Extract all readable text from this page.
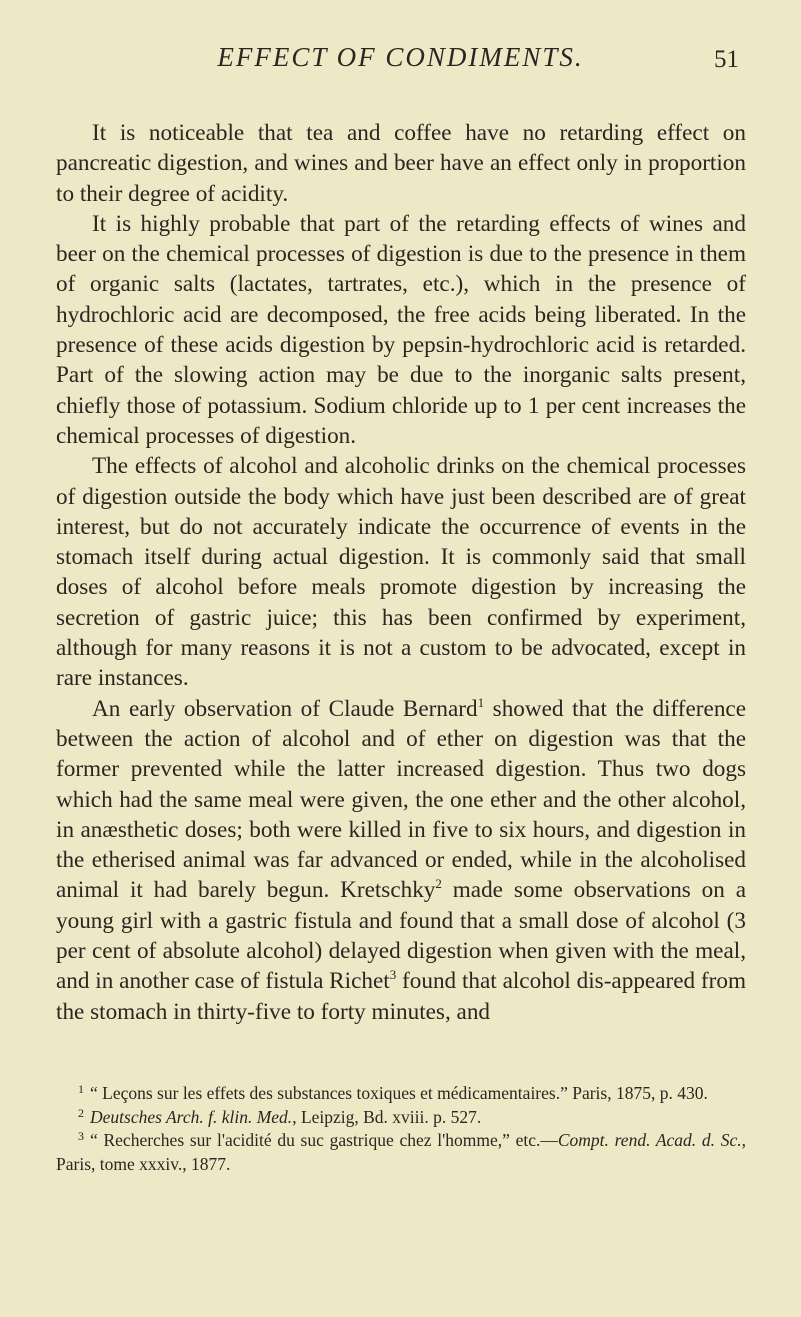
EFFECT OF CONDIMENTS.	51

It is noticeable that tea and coffee have no retarding effect on pancreatic digestion, and wines and beer have an effect only in proportion to their degree of acidity.

It is highly probable that part of the retarding effects of wines and beer on the chemical processes of digestion is due to the presence in them of organic salts (lactates, tartrates, etc.), which in the presence of hydrochloric acid are decomposed, the free acids being liberated. In the presence of these acids digestion by pepsin-hydrochloric acid is retarded. Part of the slowing action may be due to the inorganic salts present, chiefly those of potassium. Sodium chloride up to 1 per cent increases the chemical processes of digestion.

The effects of alcohol and alcoholic drinks on the chemical processes of digestion outside the body which have just been described are of great interest, but do not accurately indicate the occurrence of events in the stomach itself during actual digestion. It is commonly said that small doses of alcohol before meals promote digestion by increasing the secretion of gastric juice; this has been confirmed by experiment, although for many reasons it is not a custom to be advocated, except in rare instances.

An early observation of Claude Bernard$^1$ showed that the difference between the action of alcohol and of ether on digestion was that the former prevented while the latter increased digestion. Thus two dogs which had the same meal were given, the one ether and the other alcohol, in anæsthetic doses; both were killed in five to six hours, and digestion in the etherised animal was far advanced or ended, while in the alcoholised animal it had barely begun. Kretschky$^2$ made some observations on a young girl with a gastric fistula and found that a small dose of alcohol (3 per cent of absolute alcohol) delayed digestion when given with the meal, and in another case of fistula Richet$^3$ found that alcohol dis-appeared from the stomach in thirty-five to forty minutes, and

$^1$ “ Leçons sur les effets des substances toxiques et médicamentaires.” Paris, 1875, p. 430.

$^2$ Deutsches Arch. f. klin. Med., Leipzig, Bd. xviii. p. 527.

$^3$ “ Recherches sur l'acidité du suc gastrique chez l'homme,” etc.—Compt. rend. Acad. d. Sc., Paris, tome xxxiv., 1877.
